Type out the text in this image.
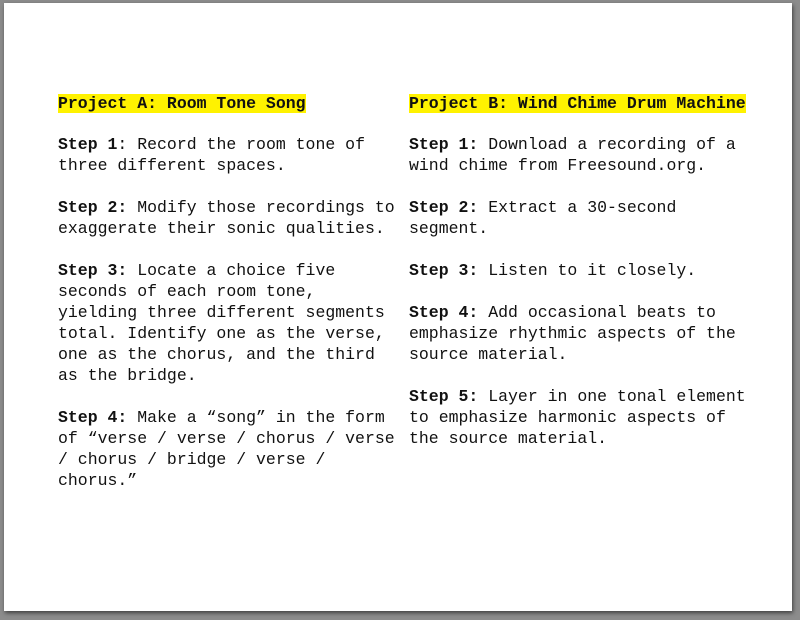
Project A: Room Tone Song
Step 1: Record the room tone of three different spaces.
Step 2: Modify those recordings to exaggerate their sonic qualities.
Step 3: Locate a choice five seconds of each room tone, yielding three different segments total. Identify one as the verse, one as the chorus, and the third as the bridge.
Step 4: Make a “song” in the form of “verse / verse / chorus / verse / chorus / bridge / verse / chorus.”
Project B: Wind Chime Drum Machine
Step 1: Download a recording of a wind chime from Freesound.org.
Step 2: Extract a 30-second segment.
Step 3: Listen to it closely.
Step 4: Add occasional beats to emphasize rhythmic aspects of the source material.
Step 5: Layer in one tonal element to emphasize harmonic aspects of the source material.
